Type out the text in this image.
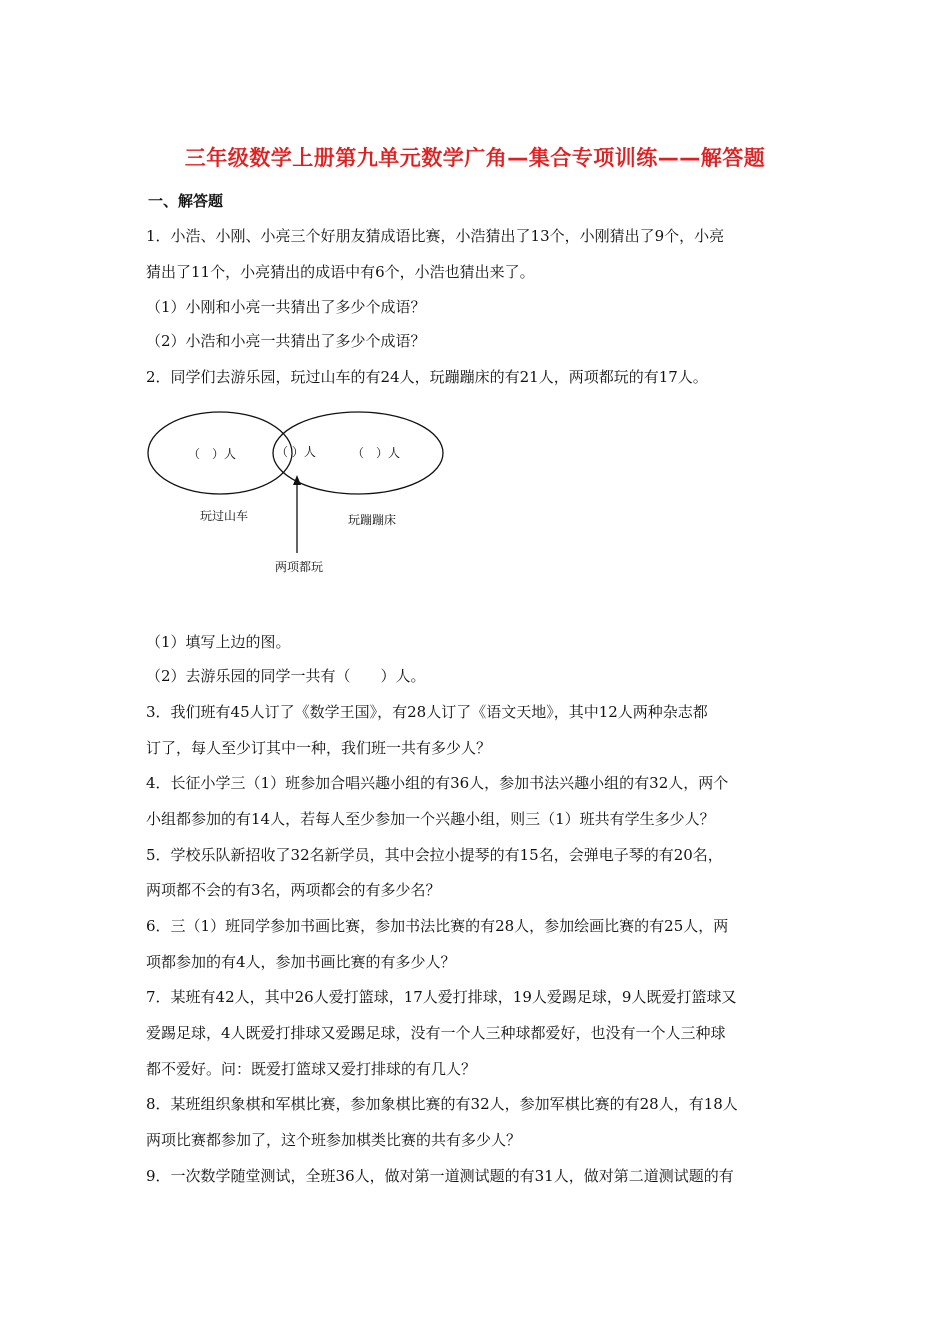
三年级数学上册第九单元数学广角—集合专项训练——解答题
一、解答题
1．小浩、小刚、小亮三个好朋友猜成语比赛，小浩猜出了13个，小刚猜出了9个，小亮
猜出了11个，小亮猜出的成语中有6个，小浩也猜出来了。
（1）小刚和小亮一共猜出了多少个成语？
（2）小浩和小亮一共猜出了多少个成语？
2．同学们去游乐园，玩过山车的有24人，玩蹦蹦床的有21人，两项都玩的有17人。
（　）人	（ ）人	（　）人
玩过山车	玩蹦蹦床
两项都玩
（1）填写上边的图。
（2）去游乐园的同学一共有（　　）人。
3．我们班有45人订了《数学王国》，有28人订了《语文天地》，其中12人两种杂志都
订了，每人至少订其中一种，我们班一共有多少人？
4．长征小学三（1）班参加合唱兴趣小组的有36人，参加书法兴趣小组的有32人，两个
小组都参加的有14人，若每人至少参加一个兴趣小组，则三（1）班共有学生多少人？
5．学校乐队新招收了32名新学员，其中会拉小提琴的有15名，会弹电子琴的有20名，
两项都不会的有3名，两项都会的有多少名？
6．三（1）班同学参加书画比赛，参加书法比赛的有28人，参加绘画比赛的有25人，两
项都参加的有4人，参加书画比赛的有多少人？
7．某班有42人，其中26人爱打篮球，17人爱打排球，19人爱踢足球，9人既爱打篮球又
爱踢足球，4人既爱打排球又爱踢足球，没有一个人三种球都爱好，也没有一个人三种球
都不爱好。问：既爱打篮球又爱打排球的有几人？
8．某班组织象棋和军棋比赛，参加象棋比赛的有32人，参加军棋比赛的有28人，有18人
两项比赛都参加了，这个班参加棋类比赛的共有多少人？
9．一次数学随堂测试，全班36人，做对第一道测试题的有31人，做对第二道测试题的有
